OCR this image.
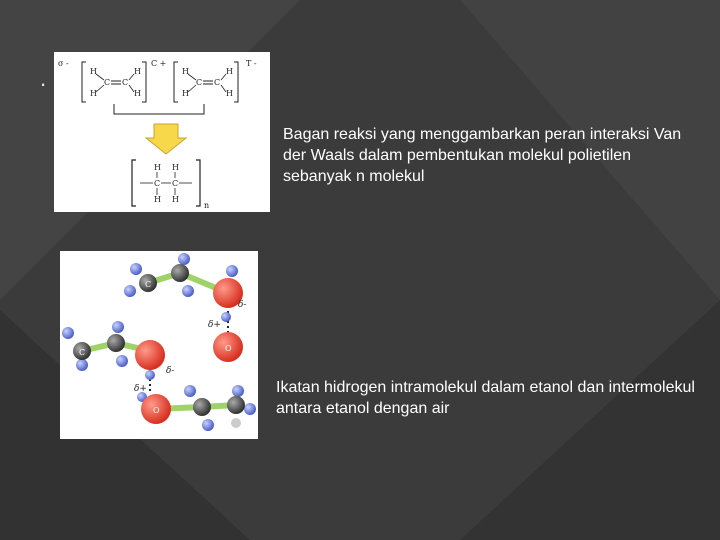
.
σ -	C +	T -
H
H
C C
H
H
H
H
C C
H
H
H H
C C
H H
n
Bagan reaksi yang menggambarkan peran interaksi Van der Waals dalam pembentukan molekul polietilen sebanyak n molekul
C
C	O
O
δ-
δ+
δ-
δ+	Ikatan hidrogen intramolekul dalam etanol dan intermolekul antara etanol dengan air
